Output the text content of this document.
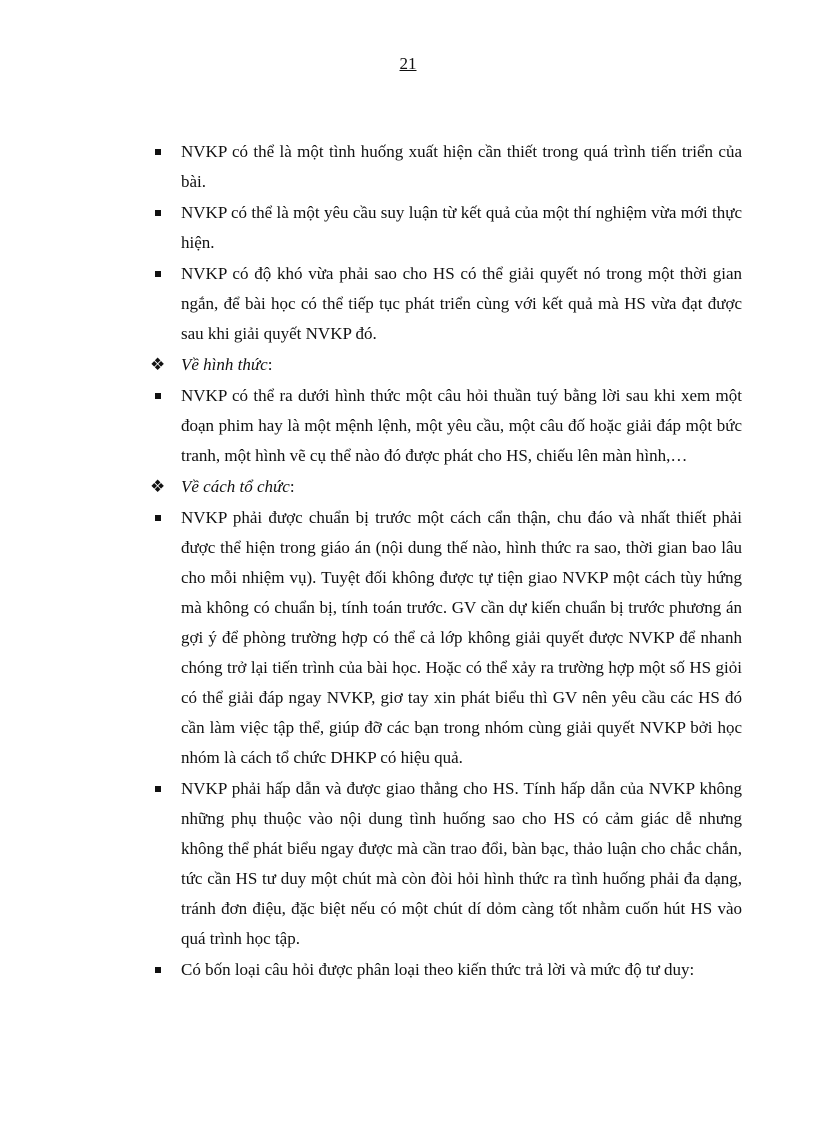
21
NVKP có thể là một tình huống xuất hiện cần thiết trong quá trình tiến triển của bài.
NVKP có thể là một yêu cầu suy luận từ kết quả của một thí nghiệm vừa mới thực hiện.
NVKP có độ khó vừa phải sao cho HS có thể giải quyết nó trong một thời gian ngắn, để bài học có thể tiếp tục phát triển cùng với kết quả mà HS vừa đạt được sau khi giải quyết NVKP đó.
❖ Về hình thức:
NVKP có thể ra dưới hình thức một câu hỏi thuần tuý bằng lời sau khi xem một đoạn phim hay là một mệnh lệnh, một yêu cầu, một câu đố hoặc giải đáp một bức tranh, một hình vẽ cụ thể nào đó được phát cho HS, chiếu lên màn hình,…
❖ Về cách tổ chức:
NVKP phải được chuẩn bị trước một cách cẩn thận, chu đáo và nhất thiết phải được thể hiện trong giáo án (nội dung thế nào, hình thức ra sao, thời gian bao lâu cho mỗi nhiệm vụ). Tuyệt đối không được tự tiện giao NVKP một cách tùy hứng mà không có chuẩn bị, tính toán trước. GV cần dự kiến chuẩn bị trước phương án gợi ý để phòng trường hợp có thể cả lớp không giải quyết được NVKP để nhanh chóng trở lại tiến trình của bài học. Hoặc có thể xảy ra trường hợp một số HS giỏi có thể giải đáp ngay NVKP, giơ tay xin phát biểu thì GV nên yêu cầu các HS đó cần làm việc tập thể, giúp đỡ các bạn trong nhóm cùng giải quyết NVKP bởi học nhóm là cách tổ chức DHKP có hiệu quả.
NVKP phải hấp dẫn và được giao thẳng cho HS. Tính hấp dẫn của NVKP không những phụ thuộc vào nội dung tình huống sao cho HS có cảm giác dễ nhưng không thể phát biểu ngay được mà cần trao đổi, bàn bạc, thảo luận cho chắc chắn, tức cần HS tư duy một chút mà còn đòi hỏi hình thức ra tình huống phải đa dạng, tránh đơn điệu, đặc biệt nếu có một chút dí dỏm càng tốt nhằm cuốn hút HS vào quá trình học tập.
Có bốn loại câu hỏi được phân loại theo kiến thức trả lời và mức độ tư duy:
